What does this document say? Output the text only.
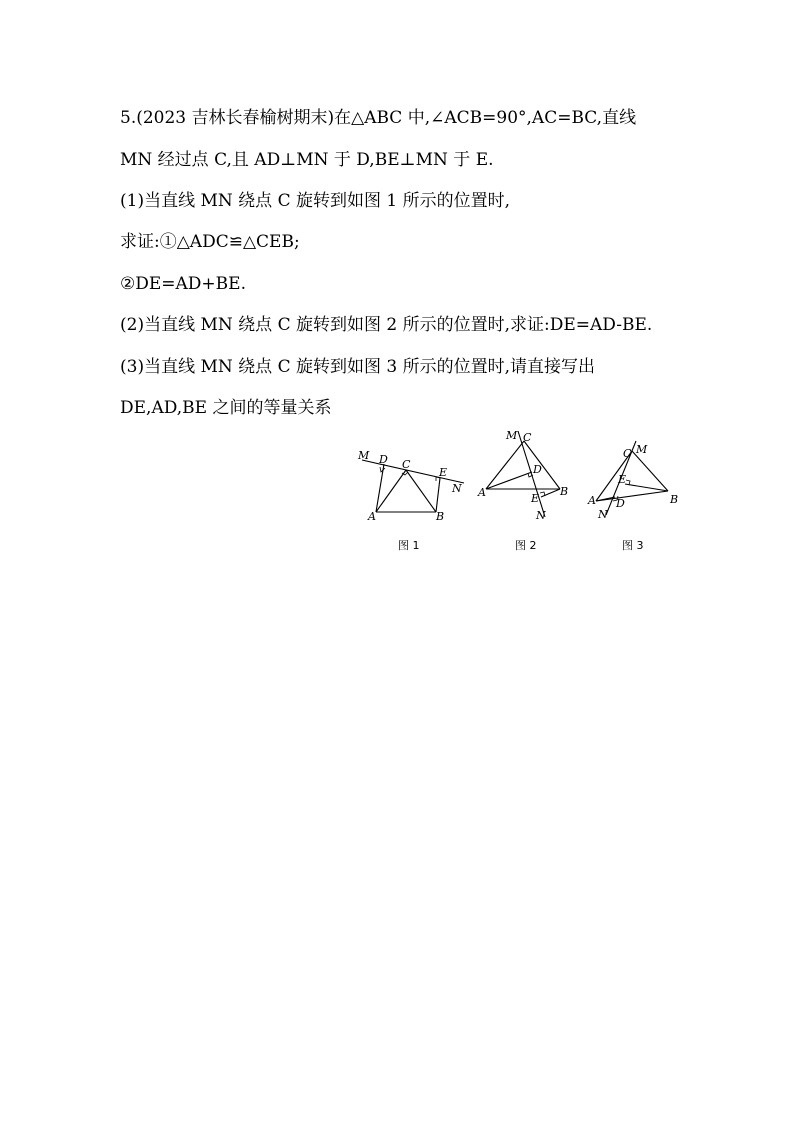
5.(2023 吉林长春榆树期末)在△ABC 中,∠ACB=90°,AC=BC,直线
MN 经过点 C,且 AD⊥MN 于 D,BE⊥MN 于 E.
(1)当直线 MN 绕点 C 旋转到如图 1 所示的位置时,
求证:①△ADC≌△CEB;
②DE=AD+BE.
(2)当直线 MN 绕点 C 旋转到如图 2 所示的位置时,求证:DE=AD-BE.
(3)当直线 MN 绕点 C 旋转到如图 3 所示的位置时,请直接写出
DE,AD,BE 之间的等量关系
M D C
E
N
A	B
图 1
M C
D
E
A	B
N
图 2
C M
E
A D	B
N
图 3
